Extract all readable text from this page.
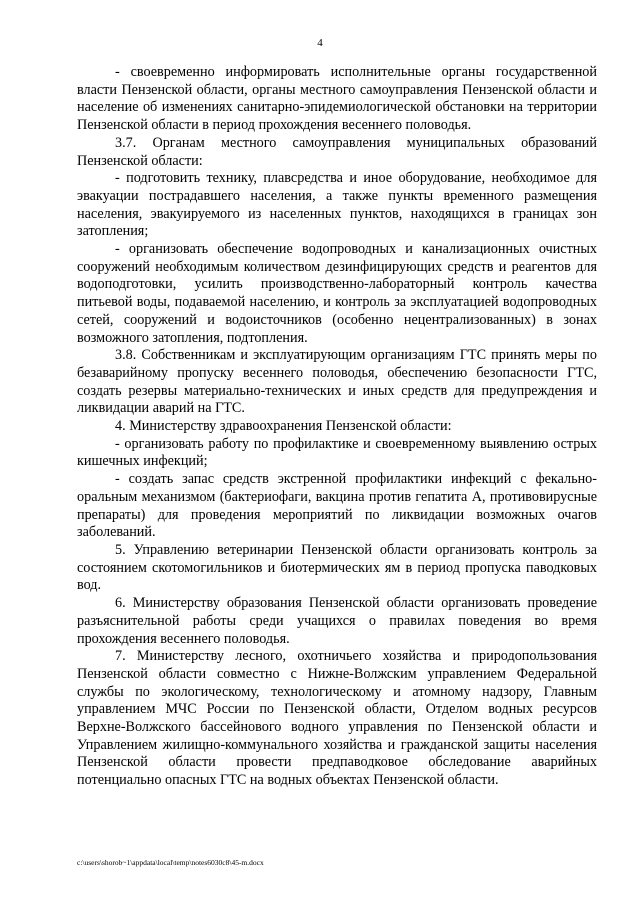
4

- своевременно информировать исполнительные органы государственной власти Пензенской области, органы местного самоуправления Пензенской области и население об изменениях санитарно-эпидемиологической обстановки на территории Пензенской области в период прохождения весеннего половодья.

3.7. Органам местного самоуправления муниципальных образований Пензенской области:

- подготовить технику, плавсредства и иное оборудование, необходимое для эвакуации пострадавшего населения, а также пункты временного размещения населения, эвакуируемого из населенных пунктов, находящихся в границах зон затопления;

- организовать обеспечение водопроводных и канализационных очистных сооружений необходимым количеством дезинфицирующих средств и реагентов для водоподготовки, усилить производственно-лабораторный контроль качества питьевой воды, подаваемой населению, и контроль за эксплуатацией водопроводных сетей, сооружений и водоисточников (особенно нецентрализованных) в зонах возможного затопления, подтопления.

3.8. Собственникам и эксплуатирующим организациям ГТС принять меры по безаварийному пропуску весеннего половодья, обеспечению безопасности ГТС, создать резервы материально-технических и иных средств для предупреждения и ликвидации аварий на ГТС.

4. Министерству здравоохранения Пензенской области:

- организовать работу по профилактике и своевременному выявлению острых кишечных инфекций;

- создать запас средств экстренной профилактики инфекций с фекально-оральным механизмом (бактериофаги, вакцина против гепатита А, противовирусные препараты) для проведения мероприятий по ликвидации возможных очагов заболеваний.

5. Управлению ветеринарии Пензенской области организовать контроль за состоянием скотомогильников и биотермических ям в период пропуска паводковых вод.

6. Министерству образования Пензенской области организовать проведение разъяснительной работы среди учащихся о правилах поведения во время прохождения весеннего половодья.

7. Министерству лесного, охотничьего хозяйства и природопользования Пензенской области совместно с Нижне-Волжским управлением Федеральной службы по экологическому, технологическому и атомному надзору, Главным управлением МЧС России по Пензенской области, Отделом водных ресурсов Верхне-Волжского бассейнового водного управления по Пензенской области и Управлением жилищно-коммунального хозяйства и гражданской защиты населения Пензенской области провести предпаводковое обследование аварийных потенциально опасных ГТС на водных объектах Пензенской области.

c:\users\shorob~1\appdata\local\temp\notes6030c8\45-m.docx
